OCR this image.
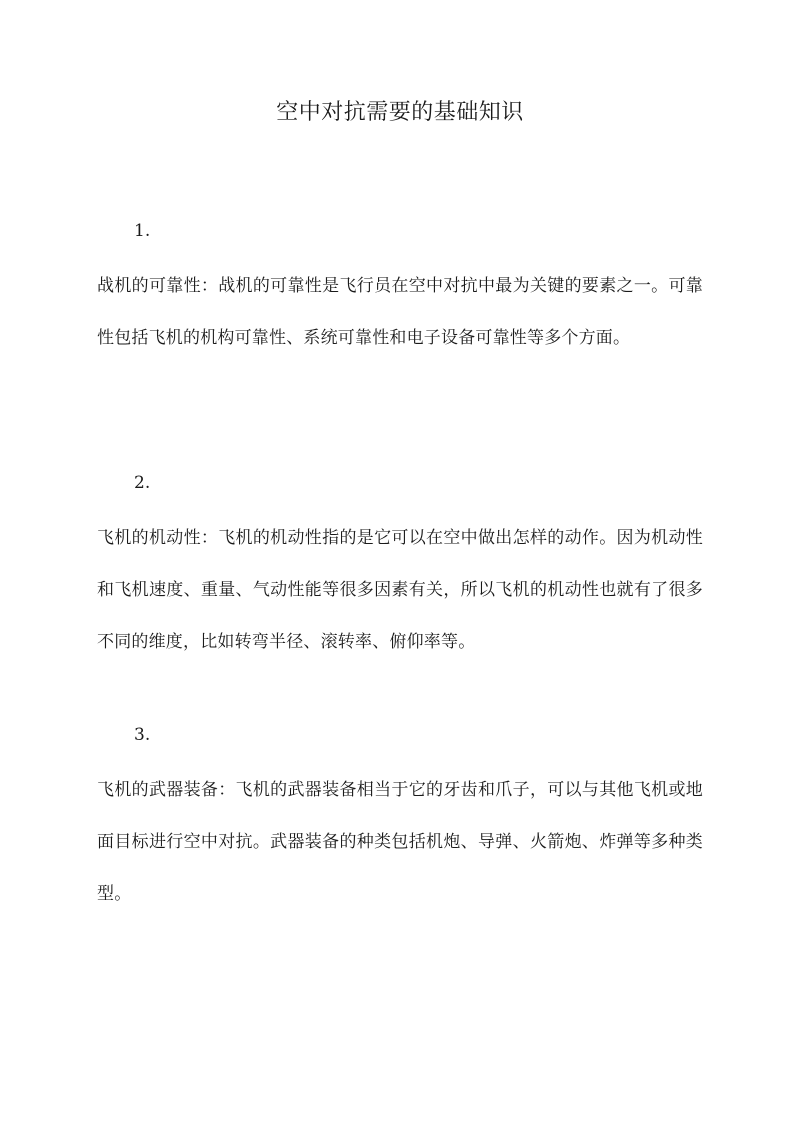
空中对抗需要的基础知识
1.

战机的可靠性：战机的可靠性是飞行员在空中对抗中最为关键的要素之一。可靠性包括飞机的机构可靠性、系统可靠性和电子设备可靠性等多个方面。

2.

飞机的机动性：飞机的机动性指的是它可以在空中做出怎样的动作。因为机动性和飞机速度、重量、气动性能等很多因素有关，所以飞机的机动性也就有了很多不同的维度，比如转弯半径、滚转率、俯仰率等。

3.

飞机的武器装备：飞机的武器装备相当于它的牙齿和爪子，可以与其他飞机或地面目标进行空中对抗。武器装备的种类包括机炮、导弹、火箭炮、炸弹等多种类型。
